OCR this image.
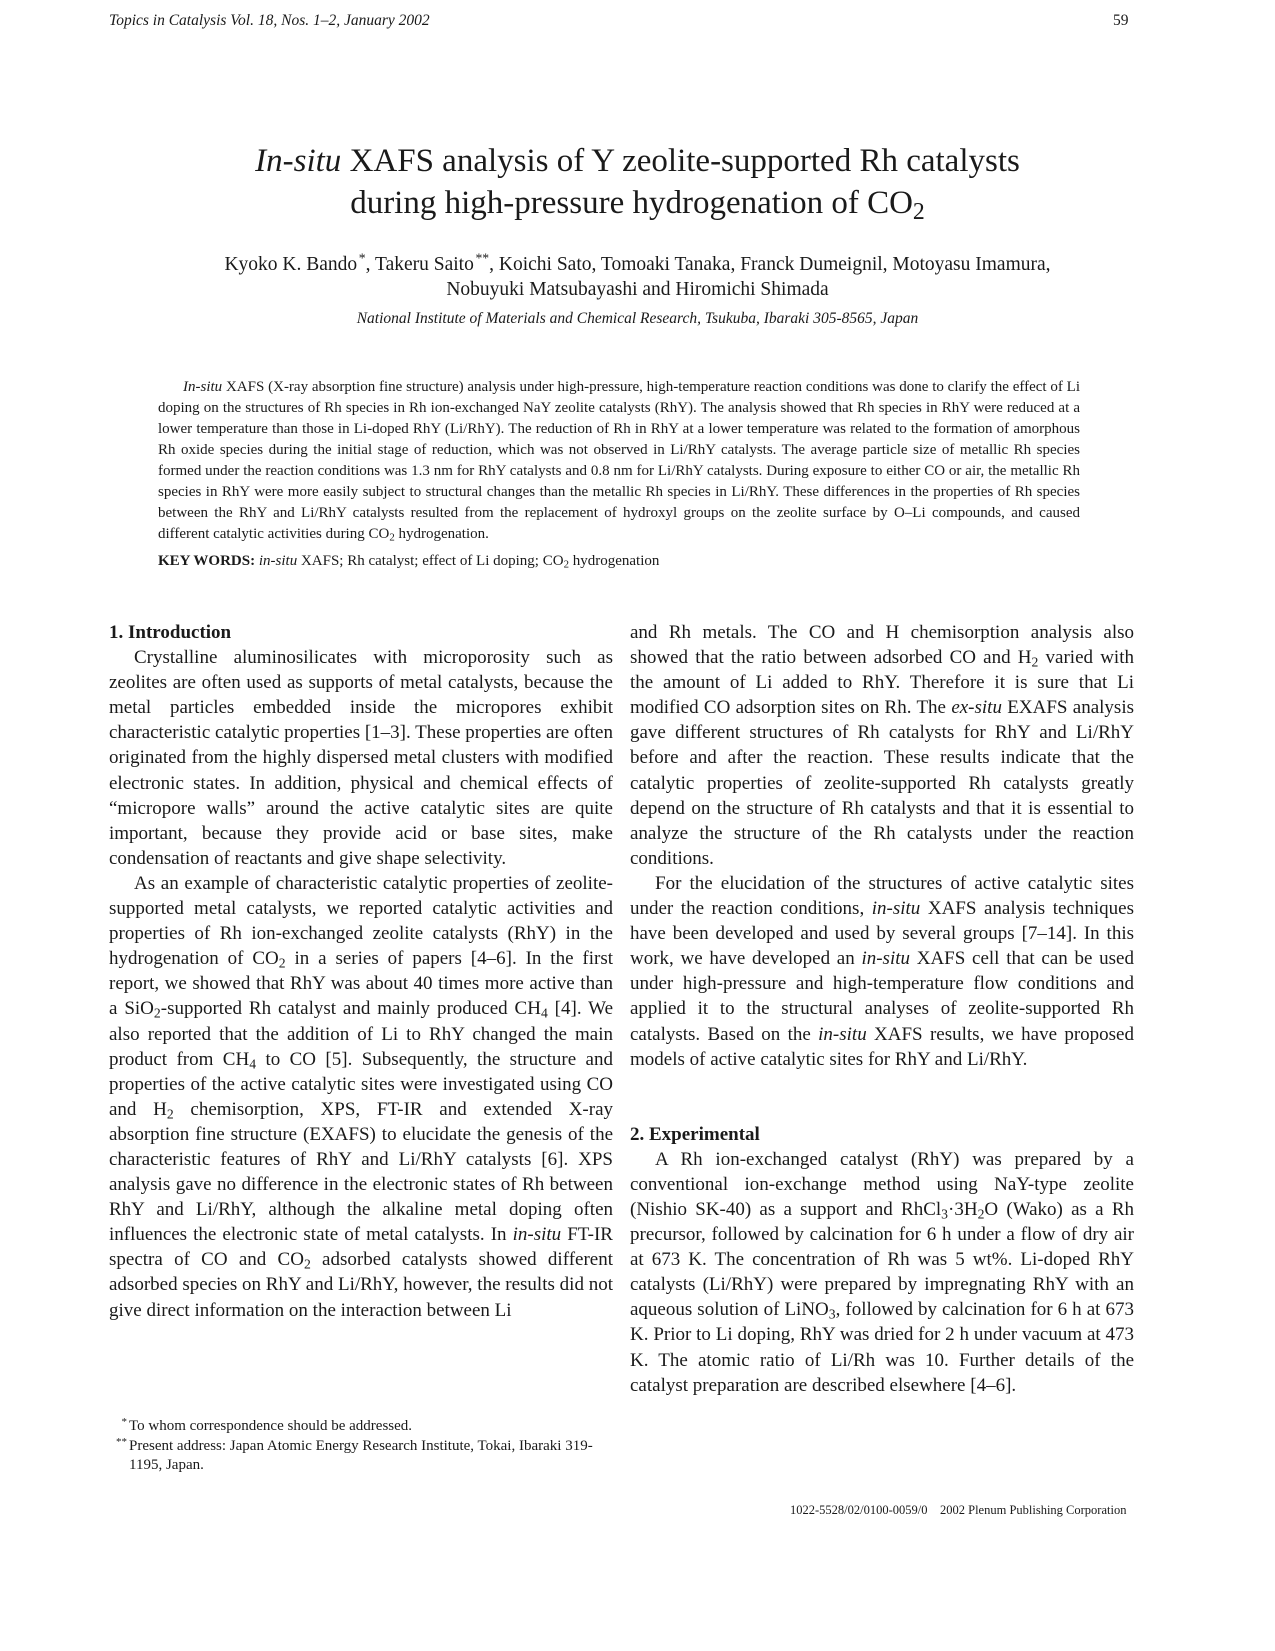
Topics in Catalysis Vol. 18, Nos. 1–2, January 2002	59
In-situ XAFS analysis of Y zeolite-supported Rh catalysts
during high-pressure hydrogenation of $CO_2$
Kyoko K. Bando  *, Takeru Saito  **, Koichi Sato, Tomoaki Tanaka, Franck Dumeignil, Motoyasu Imamura,
Nobuyuki Matsubayashi and Hiromichi Shimada
National Institute of Materials and Chemical Research, Tsukuba, Ibaraki 305-8565, Japan
In-situ XAFS (X-ray absorption fine structure) analysis under high-pressure, high-temperature reaction conditions was done to clarify the effect of Li doping on the structures of Rh species in Rh ion-exchanged NaY zeolite catalysts (RhY). The analysis showed that Rh species in RhY were reduced at a lower temperature than those in Li-doped RhY (Li/RhY). The reduction of Rh in RhY at a lower temperature was related to the formation of amorphous Rh oxide species during the initial stage of reduction, which was not observed in Li/RhY catalysts. The average particle size of metallic Rh species formed under the reaction conditions was 1.3 nm for RhY catalysts and 0.8 nm for Li/RhY catalysts. During exposure to either CO or air, the metallic Rh species in RhY were more easily subject to structural changes than the metallic Rh species in Li/RhY. These differences in the properties of Rh species between the RhY and Li/RhY catalysts resulted from the replacement of hydroxyl groups on the zeolite surface by O–Li compounds, and caused different catalytic activities during $CO_2$ hydrogenation.
KEY WORDS: in-situ XAFS; Rh catalyst; effect of Li doping; $CO_2$ hydrogenation

1. Introduction

Crystalline aluminosilicates with microporosity such as zeolites are often used as supports of metal catalysts, because the metal particles embedded inside the micropores exhibit characteristic catalytic properties [1–3]. These properties are often originated from the highly dispersed metal clusters with modified electronic states. In addition, physical and chemical effects of “micropore walls” around the active catalytic sites are quite important, because they provide acid or base sites, make condensation of reactants and give shape selectivity.

As an example of characteristic catalytic properties of zeolite-supported metal catalysts, we reported catalytic activities and properties of Rh ion-exchanged zeolite catalysts (RhY) in the hydrogenation of $CO_2$ in a series of papers [4–6]. In the first report, we showed that RhY was about 40 times more active than a SiO$_2$-supported Rh catalyst and mainly produced $CH_4$ [4]. We also reported that the addition of Li to RhY changed the main product from $CH_4$ to CO [5]. Subsequently, the structure and properties of the active catalytic sites were investigated using CO and $H_2$ chemisorption, XPS, FT-IR and extended X-ray absorption fine structure (EXAFS) to elucidate the genesis of the characteristic features of RhY and Li/RhY catalysts [6]. XPS analysis gave no difference in the electronic states of Rh between RhY and Li/RhY, although the alkaline metal doping often influences the electronic state of metal catalysts. In in-situ FT-IR spectra of CO and $CO_2$ adsorbed catalysts showed different adsorbed species on RhY and Li/RhY, however, the results did not give direct information on the interaction between Li

* To whom correspondence should be addressed.
** Present address: Japan Atomic Energy Research Institute, Tokai, Ibaraki 319-1195, Japan.

and Rh metals. The CO and H chemisorption analysis also showed that the ratio between adsorbed CO and $H_2$ varied with the amount of Li added to RhY. Therefore it is sure that Li modified CO adsorption sites on Rh. The ex-situ EXAFS analysis gave different structures of Rh catalysts for RhY and Li/RhY before and after the reaction. These results indicate that the catalytic properties of zeolite-supported Rh catalysts greatly depend on the structure of Rh catalysts and that it is essential to analyze the structure of the Rh catalysts under the reaction conditions.

For the elucidation of the structures of active catalytic sites under the reaction conditions, in-situ XAFS analysis techniques have been developed and used by several groups [7–14]. In this work, we have developed an in-situ XAFS cell that can be used under high-pressure and high-temperature flow conditions and applied it to the structural analyses of zeolite-supported Rh catalysts. Based on the in-situ XAFS results, we have proposed models of active catalytic sites for RhY and Li/RhY.

2. Experimental

A Rh ion-exchanged catalyst (RhY) was prepared by a conventional ion-exchange method using NaY-type zeolite (Nishio SK-40) as a support and $RhCl_3\cdot 3H_2O$ (Wako) as a Rh precursor, followed by calcination for 6 h under a flow of dry air at 673 K. The concentration of Rh was 5 wt%. Li-doped RhY catalysts (Li/RhY) were prepared by impregnating RhY with an aqueous solution of LiNO$_3$, followed by calcination for 6 h at 673 K. Prior to Li doping, RhY was dried for 2 h under vacuum at 473 K. The atomic ratio of Li/Rh was 10. Further details of the catalyst preparation are described elsewhere [4–6].

1022-5528/02/0100-0059/0 2002 Plenum Publishing Corporation
